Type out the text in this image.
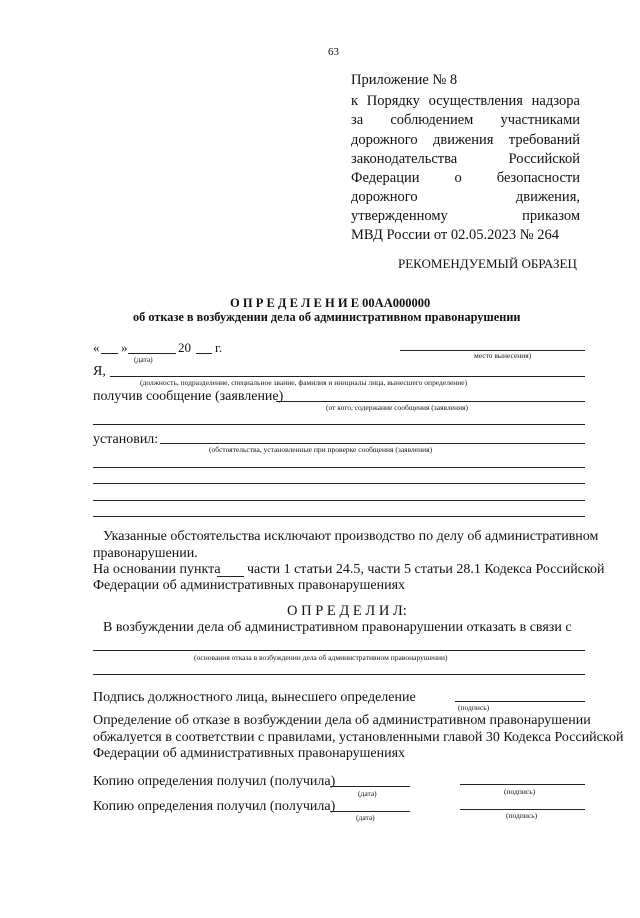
63
Приложение № 8
к Порядку осуществления надзора
за соблюдением участниками
дорожного движения требований
законодательства Российской
Федерации о безопасности
дорожного движения,
утвержденному приказом
МВД России от 02.05.2023 № 264
РЕКОМЕНДУЕМЫЙ ОБРАЗЕЦ
О П Р Е Д Е Л Е Н И Е 00АА000000
об отказе в возбуждении дела об административном правонарушении
« »	20 г.
(дата)	место вынесения)
Я,
(должность, подразделение, специальное звание, фамилия и инициалы лица, вынесшего определение)
получив сообщение (заявление)
(от кого, содержание сообщения (заявления)
установил:
(обстоятельства, установленные при проверке сообщения (заявления)
Указанные обстоятельства исключают производство по делу об административном
правонарушении.
На основании пункта части 1 статьи 24.5, части 5 статьи 28.1 Кодекса Российской
Федерации об административных правонарушениях
О П Р Е Д Е Л И Л:
В возбуждении дела об административном правонарушении отказать в связи с
(основания отказа в возбуждении дела об административном правонарушении)
Подпись должностного лица, вынесшего определение
(подпись)
Определение об отказе в возбуждении дела об административном правонарушении
обжалуется в соответствии с правилами, установленными главой 30 Кодекса Российской
Федерации об административных правонарушениях
Копию определения получил (получила)
(дата)	(подпись)
Копию определения получил (получила)
(дата)	(подпись)
